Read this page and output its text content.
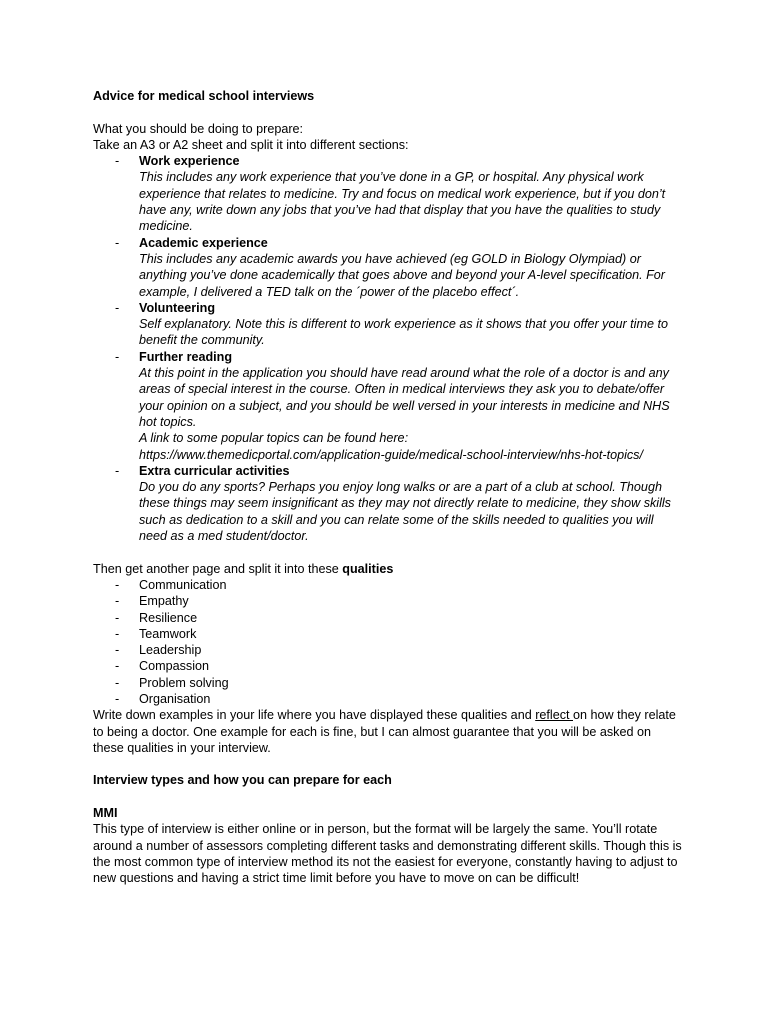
Advice for medical school interviews

What you should be doing to prepare:

Take an A3 or A2 sheet and split it into different sections:

- Work experience
This includes any work experience that you’ve done in a GP, or hospital. Any physical work experience that relates to medicine. Try and focus on medical work experience, but if you don’t have any, write down any jobs that you’ve had that display that you have the qualities to study medicine.
- Academic experience
This includes any academic awards you have achieved (eg GOLD in Biology Olympiad) or anything you’ve done academically that goes above and beyond your A-level specification. For example, I delivered a TED talk on the ´power of the placebo effect´.
- Volunteering
Self explanatory. Note this is different to work experience as it shows that you offer your time to benefit the community.
- Further reading
At this point in the application you should have read around what the role of a doctor is and any areas of special interest in the course. Often in medical interviews they ask you to debate/offer your opinion on a subject, and you should be well versed in your interests in medicine and NHS hot topics.
A link to some popular topics can be found here:
https://www.themedicportal.com/application-guide/medical-school-interview/nhs-hot-topics/
- Extra curricular activities
Do you do any sports? Perhaps you enjoy long walks or are a part of a club at school. Though these things may seem insignificant as they may not directly relate to medicine, they show skills such as dedication to a skill and you can relate some of the skills needed to qualities you will need as a med student/doctor.

Then get another page and split it into these qualities

- Communication
- Empathy
- Resilience
- Teamwork
- Leadership
- Compassion
- Problem solving
- Organisation

Write down examples in your life where you have displayed these qualities and reflect on how they relate to being a doctor. One example for each is fine, but I can almost guarantee that you will be asked on these qualities in your interview.

Interview types and how you can prepare for each

MMI

This type of interview is either online or in person, but the format will be largely the same. You’ll rotate around a number of assessors completing different tasks and demonstrating different skills. Though this is the most common type of interview method its not the easiest for everyone, constantly having to adjust to new questions and having a strict time limit before you have to move on can be difficult!
